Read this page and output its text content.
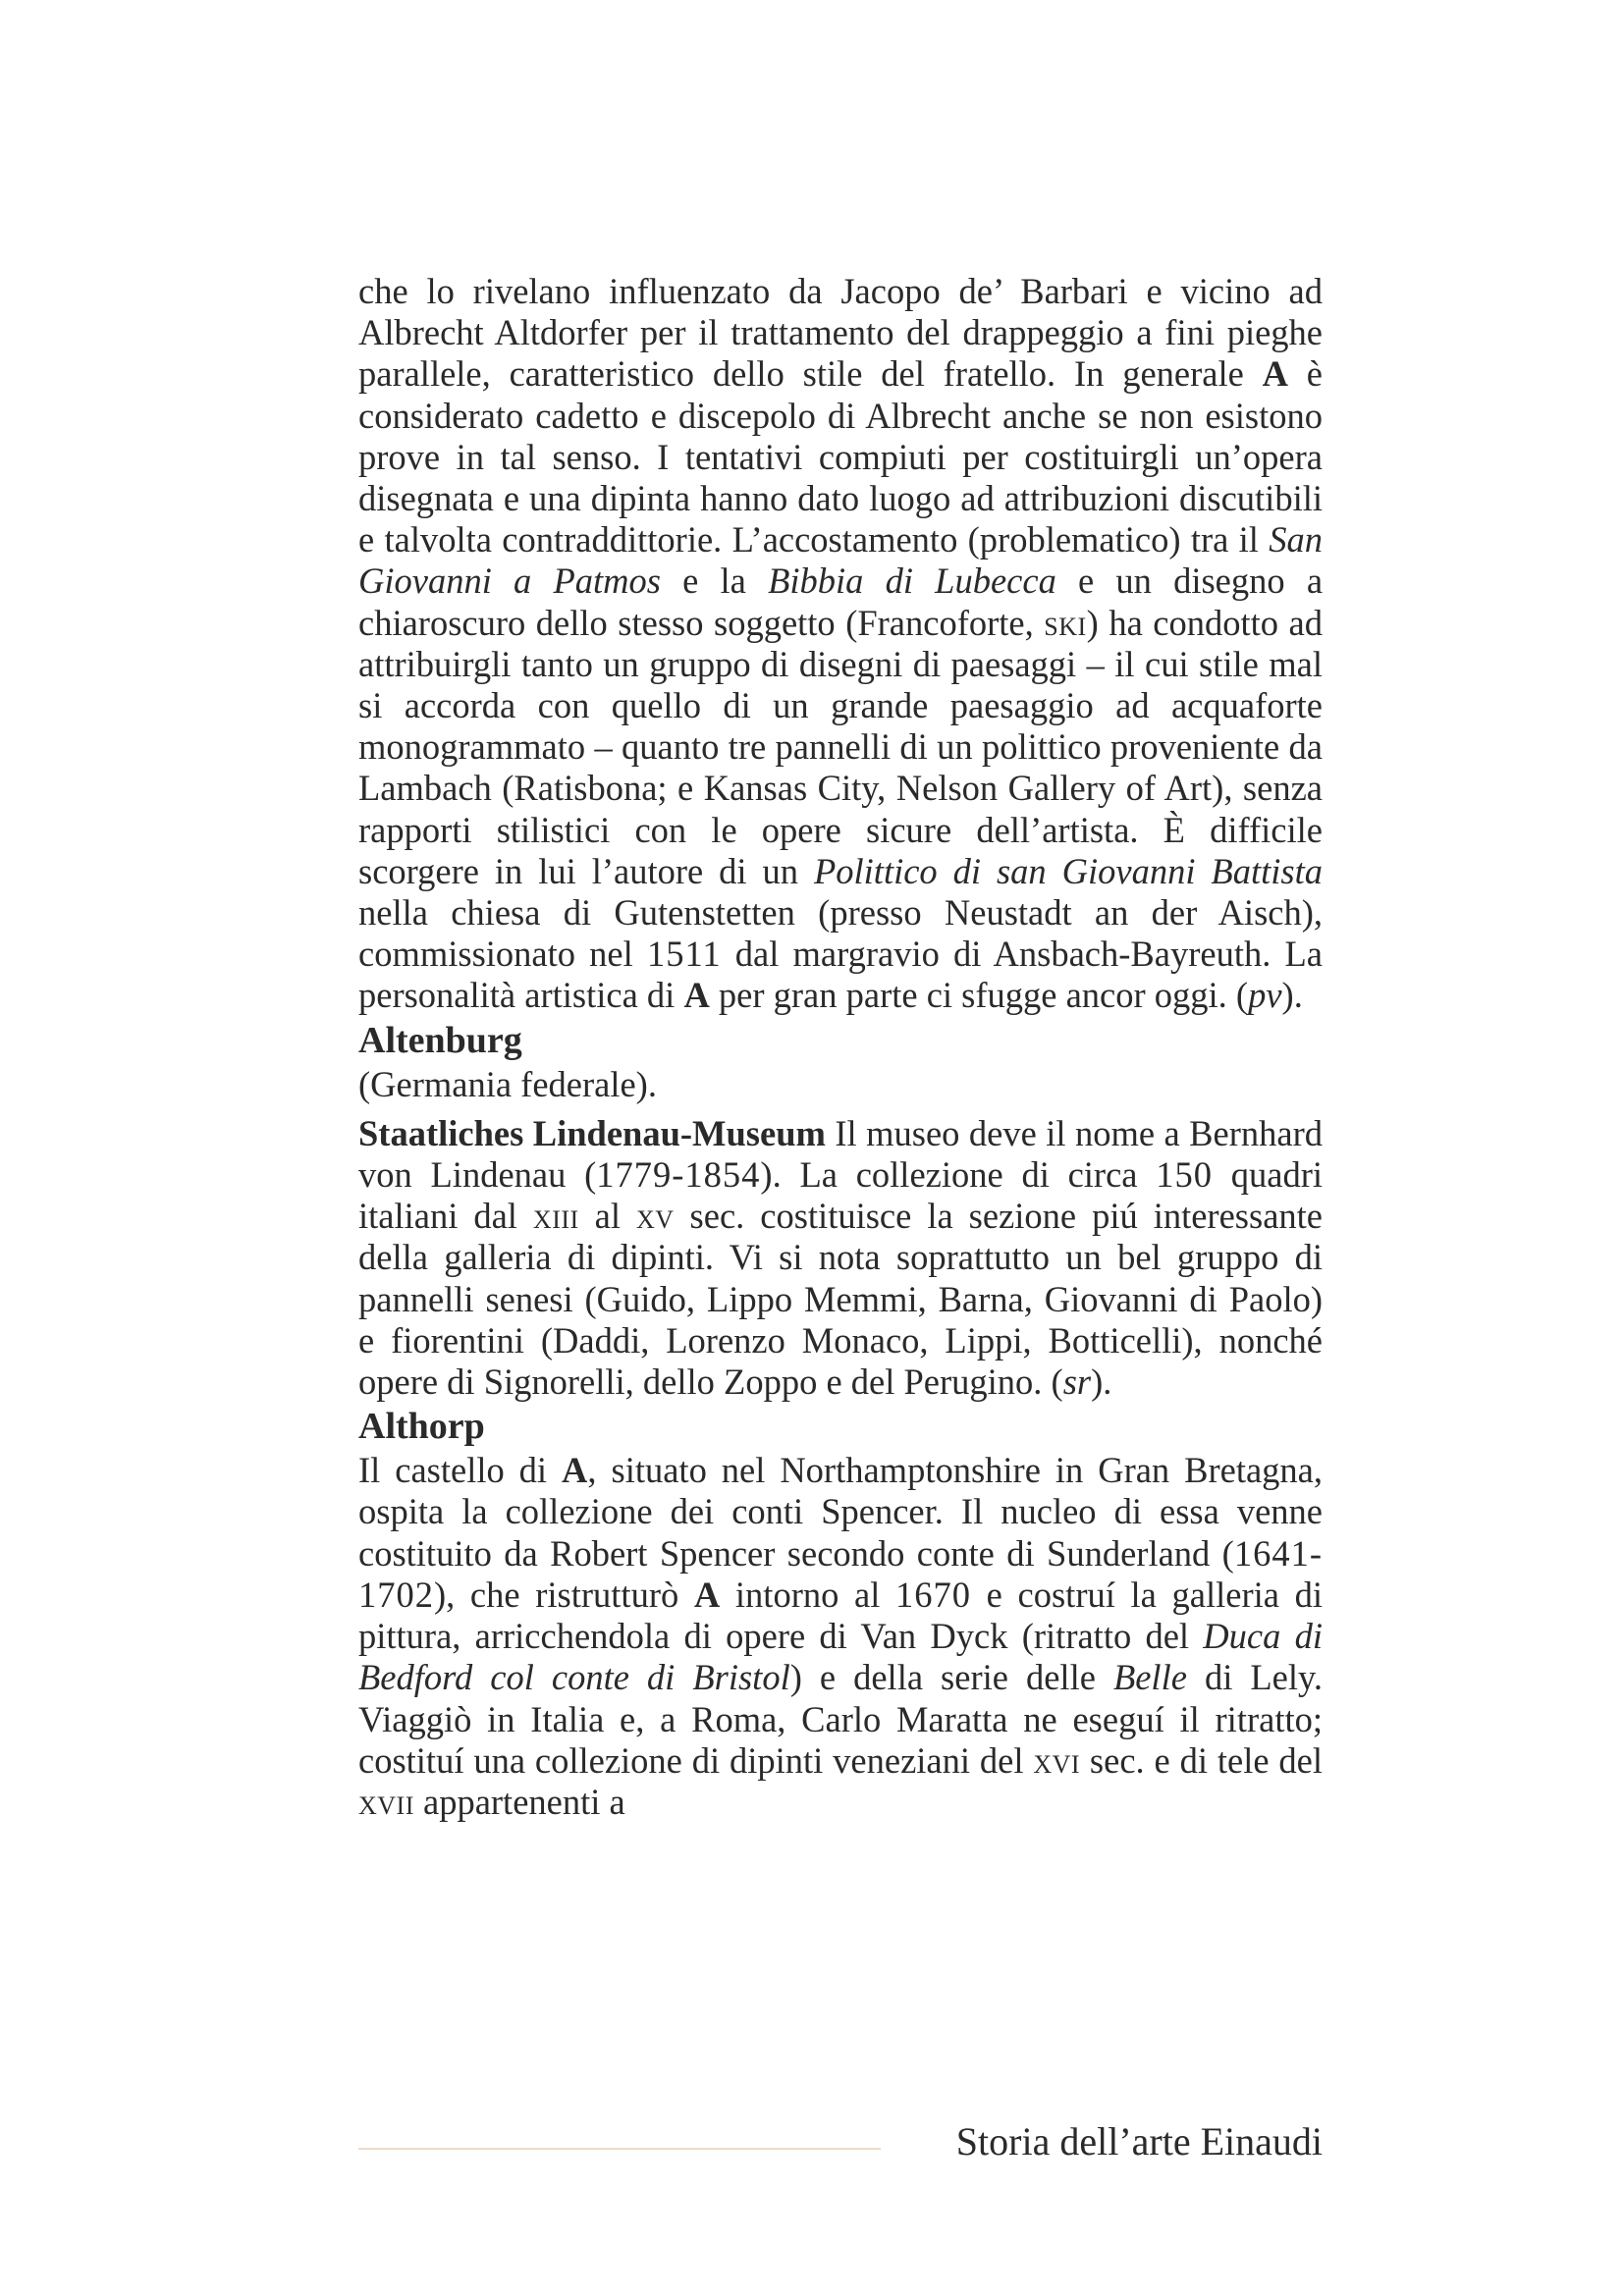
che lo rivelano influenzato da Jacopo de’ Barbari e vicino ad Albrecht Altdorfer per il trattamento del drappeggio a fini pieghe parallele, caratteristico dello stile del fratello. In generale A è considerato cadetto e discepolo di Albrecht anche se non esistono prove in tal senso. I tentativi compiuti per costituirgli un’opera disegnata e una dipinta hanno dato luogo ad attribuzioni discutibili e talvolta contraddittorie. L’accostamento (problematico) tra il San Giovanni a Patmos e la Bibbia di Lubecca e un disegno a chiaroscuro dello stesso soggetto (Francoforte, ski) ha condotto ad attribuirgli tanto un gruppo di disegni di paesaggi – il cui stile mal si accorda con quello di un grande paesaggio ad acquaforte monogrammato – quanto tre pannelli di un polittico proveniente da Lambach (Ratisbona; e Kansas City, Nelson Gallery of Art), senza rapporti stilistici con le opere sicure dell’artista. È difficile scorgere in lui l’autore di un Polittico di san Giovanni Battista nella chiesa di Gutenstetten (presso Neustadt an der Aisch), commissionato nel 1511 dal margravio di Ansbach-Bayreuth. La personalità artistica di A per gran parte ci sfugge ancor oggi. (pv).

Altenburg

(Germania federale).

Staatliches Lindenau-Museum Il museo deve il nome a Bernhard von Lindenau (1779-1854). La collezione di circa 150 quadri italiani dal xiii al xv sec. costituisce la sezione piú interessante della galleria di dipinti. Vi si nota soprattutto un bel gruppo di pannelli senesi (Guido, Lippo Memmi, Barna, Giovanni di Paolo) e fiorentini (Daddi, Lorenzo Monaco, Lippi, Botticelli), nonché opere di Signorelli, dello Zoppo e del Perugino. (sr).

Althorp

Il castello di A, situato nel Northamptonshire in Gran Bretagna, ospita la collezione dei conti Spencer. Il nucleo di essa venne costituito da Robert Spencer secondo conte di Sunderland (1641-1702), che ristrutturò A intorno al 1670 e costruí la galleria di pittura, arricchendola di opere di Van Dyck (ritratto del Duca di Bedford col conte di Bristol) e della serie delle Belle di Lely. Viaggiò in Italia e, a Roma, Carlo Maratta ne eseguí il ritratto; costituí una collezione di dipinti veneziani del xvi sec. e di tele del xvii appartenenti a

Storia dell’arte Einaudi
